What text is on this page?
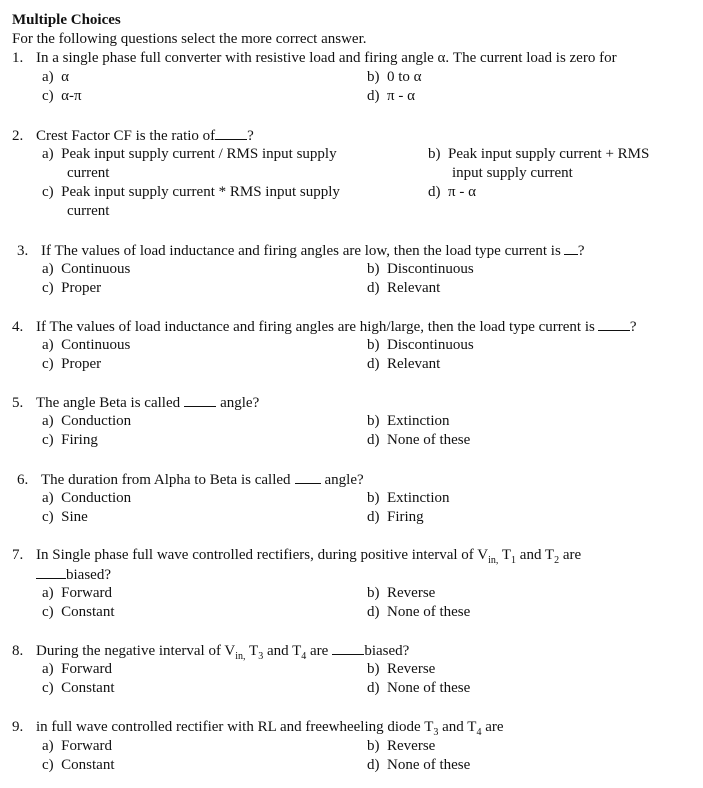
Multiple Choices
For the following questions select the more correct answer.
1. In a single phase full converter with resistive load and firing angle α. The current load is zero for
a) α	b) 0 to α
c) α-π	d) π - α
2. Crest Factor CF is the ratio of ?
a) Peak input supply current / RMS input supply
current
b) Peak input supply current + RMS
input supply current
c) Peak input supply current * RMS input supply
current
d) π - α
3. If The values of load inductance and firing angles are low, then the load type current is ?
a) Continuous	b) Discontinuous
c) Proper	d) Relevant
4. If The values of load inductance and firing angles are high/large, then the load type current is ?
a) Continuous	b) Discontinuous
c) Proper	d) Relevant
5. The angle Beta is called	angle?
a) Conduction	b) Extinction
c) Firing	d) None of these
6. The duration from Alpha to Beta is called angle?
a) Conduction	b) Extinction
c) Sine	d) Firing
7. In Single phase full wave controlled rectifiers, during positive interval of $V_{in,}$ $T_1$ and $T_2$ are
biased?
a) Forward	b) Reverse
c) Constant	d) None of these
8. During the negative interval of $V_{in,}$ $T_3$ and $T_4$ are biased?
a) Forward	b) Reverse
c) Constant	d) None of these
9. in full wave controlled rectifier with RL and freewheeling diode $T_3$ and $T_4$ are
a) Forward	b) Reverse
c) Constant	d) None of these
